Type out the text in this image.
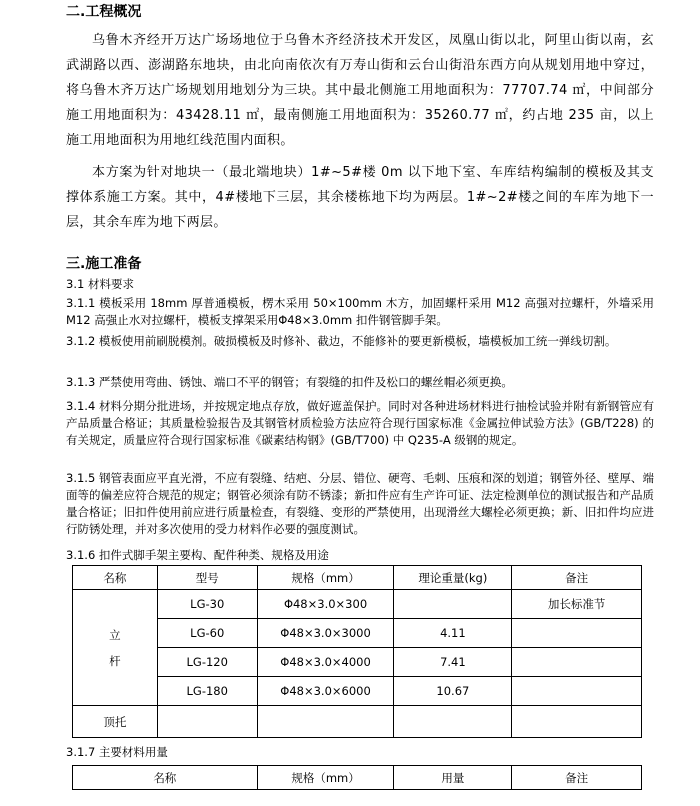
二.工程概况

乌鲁木齐经开万达广场场地位于乌鲁木齐经济技术开发区，凤凰山街以北，阿里山街以南，玄武湖路以西、澎湖路东地块，由北向南依次有万寿山街和云台山街沿东西方向从规划用地中穿过，将乌鲁木齐万达广场规划用地划分为三块。其中最北侧施工用地面积为：77707.74 ㎡，中间部分施工用地面积为：43428.11 ㎡，最南侧施工用地面积为：35260.77 ㎡，约占地 235 亩，以上施工用地面积为用地红线范围内面积。

本方案为针对地块一（最北端地块）1#~5#楼 0m 以下地下室、车库结构编制的模板及其支撑体系施工方案。其中，4#楼地下三层，其余楼栋地下均为两层。1#~2#楼之间的车库为地下一层，其余车库为地下两层。

三.施工准备

3.1 材料要求

3.1.1 模板采用 18mm 厚普通模板，楞木采用 50×100mm 木方，加固螺杆采用 M12 高强对拉螺杆，外墙采用 M12 高强止水对拉螺杆，模板支撑架采用Φ48×3.0mm 扣件钢管脚手架。

3.1.2 模板使用前刷脱模剂。破损模板及时修补、截边，不能修补的要更新模板，墙模板加工统一弹线切割。

3.1.3 严禁使用弯曲、锈蚀、端口不平的钢管；有裂缝的扣件及松口的螺丝帽必须更换。

3.1.4 材料分期分批进场，并按规定地点存放，做好遮盖保护。同时对各种进场材料进行抽检试验并附有新钢管应有产品质量合格证；其质量检验报告及其钢管材质检验方法应符合现行国家标准《金属拉伸试验方法》(GB/T228) 的有关规定，质量应符合现行国家标准《碳素结构钢》(GB/T700) 中 Q235-A 级钢的规定。

3.1.5 钢管表面应平直光滑，不应有裂缝、结疤、分层、错位、硬弯、毛刺、压痕和深的划道；钢管外径、壁厚、端面等的偏差应符合规范的规定；钢管必须涂有防不锈漆；新扣件应有生产许可证、法定检测单位的测试报告和产品质量合格证；旧扣件使用前应进行质量检查，有裂缝、变形的严禁使用，出现滑丝大螺栓必须更换；新、旧扣件均应进行防锈处理，并对多次使用的受力材料作必要的强度测试。

3.1.6 扣件式脚手架主要构、配件种类、规格及用途

名称	型号	规格（mm）	理论重量(kg)	备注
立
杆	LG-30	Φ48×3.0×300		加长标准节
	LG-60	Φ48×3.0×3000	4.11	
	LG-120	Φ48×3.0×4000	7.41	
	LG-180	Φ48×3.0×6000	10.67	
顶托				

3.1.7 主要材料用量

名称	规格（mm）	用量	备注
